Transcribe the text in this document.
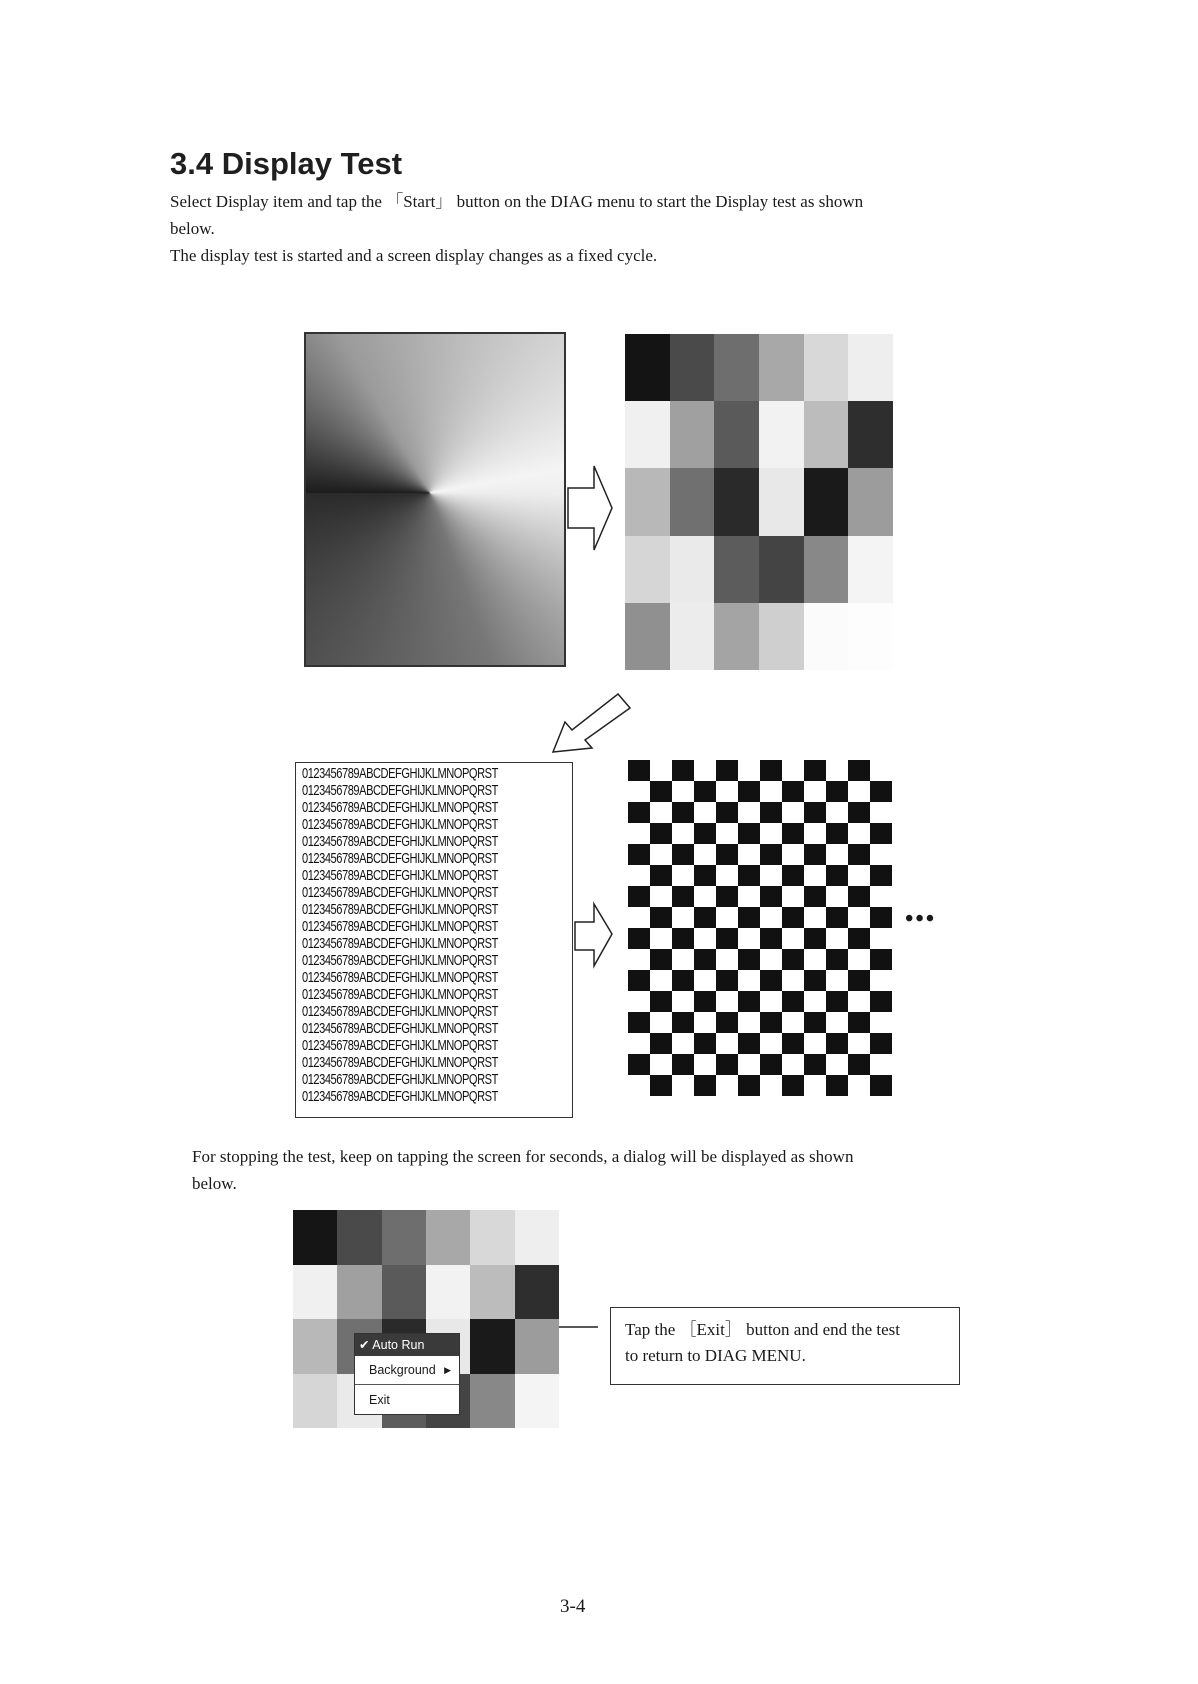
3.4 Display Test
Select Display item and tap the 「Start」 button on the DIAG menu to start the Display test as shown
below.
The display test is started and a screen display changes as a fixed cycle.
0123456789ABCDEFGHIJKLMNOPQRST
0123456789ABCDEFGHIJKLMNOPQRST
0123456789ABCDEFGHIJKLMNOPQRST
0123456789ABCDEFGHIJKLMNOPQRST
0123456789ABCDEFGHIJKLMNOPQRST
0123456789ABCDEFGHIJKLMNOPQRST
0123456789ABCDEFGHIJKLMNOPQRST
0123456789ABCDEFGHIJKLMNOPQRST
0123456789ABCDEFGHIJKLMNOPQRST
0123456789ABCDEFGHIJKLMNOPQRST
0123456789ABCDEFGHIJKLMNOPQRST
0123456789ABCDEFGHIJKLMNOPQRST
0123456789ABCDEFGHIJKLMNOPQRST
0123456789ABCDEFGHIJKLMNOPQRST
0123456789ABCDEFGHIJKLMNOPQRST
0123456789ABCDEFGHIJKLMNOPQRST
0123456789ABCDEFGHIJKLMNOPQRST
0123456789ABCDEFGHIJKLMNOPQRST
0123456789ABCDEFGHIJKLMNOPQRST
0123456789ABCDEFGHIJKLMNOPQRST
•••
For stopping the test, keep on tapping the screen for seconds, a dialog will be displayed as shown
below.
✔ Auto Run
Background ▶
Exit
Tap the ［Exit］ button and end the test
to return to DIAG MENU.
3-4
